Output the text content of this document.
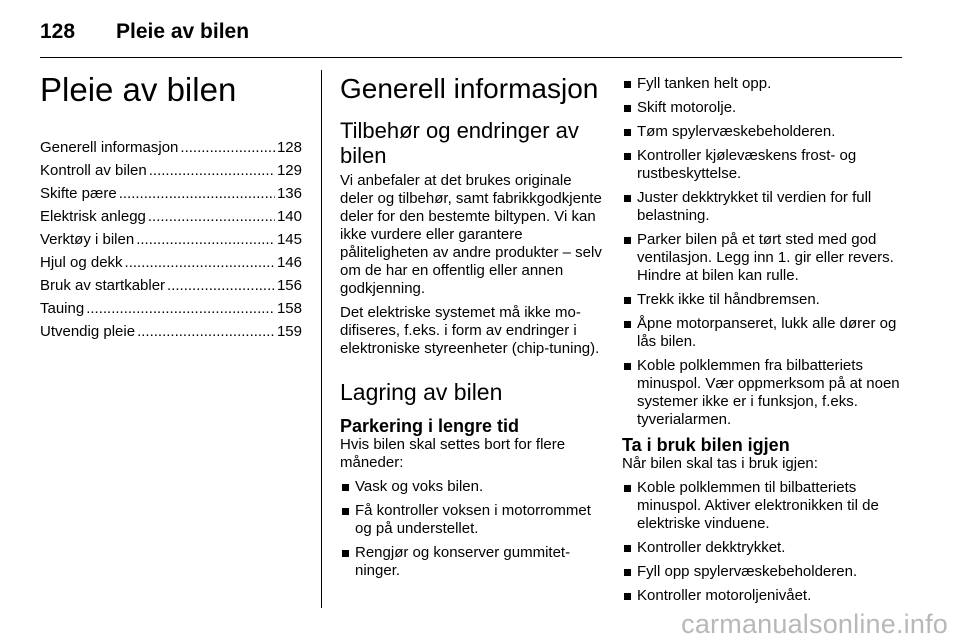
128 Pleie av bilen
Pleie av bilen
Generell informasjon .....	128
Kontroll av bilen .....	129
Skifte pære .....	136
Elektrisk anlegg .....	140
Verktøy i bilen .....	145
Hjul og dekk .....	146
Bruk av startkabler .....	156
Tauing .....	158
Utvendig pleie .....	159
Generell informasjon
Tilbehør og endringer av bilen

Vi anbefaler at det brukes originale deler og tilbehør, samt fabrikkgodkjente deler for den bestemte biltypen. Vi kan ikke vurdere eller garantere påliteligheten av andre produkter – selv om de har en offentlig eller annen godkjenning.

Det elektriske systemet må ikke modifiseres, f.eks. i form av endringer i elektroniske styreenheter (chip-tuning).

Lagring av bilen
Parkering i lengre tid

Hvis bilen skal settes bort for flere måneder:

Vask og voks bilen.
Få kontroller voksen i motorrommet og på understellet.
Rengjør og konserver gummitetninger.
Fyll tanken helt opp.
Skift motorolje.
Tøm spylervæskebeholderen.
Kontroller kjølevæskens frost- og rustbeskyttelse.
Juster dekktrykket til verdien for full belastning.
Parker bilen på et tørt sted med god ventilasjon. Legg inn 1. gir eller revers. Hindre at bilen kan rulle.
Trekk ikke til håndbremsen.
Åpne motorpanseret, lukk alle dører og lås bilen.
Koble polklemmen fra bilbatteriets minuspol. Vær oppmerksom på at noen systemer ikke er i funksjon, f.eks. tyverialarmen.
Ta i bruk bilen igjen

Når bilen skal tas i bruk igjen:

Koble polklemmen til bilbatteriets minuspol. Aktiver elektronikken til de elektriske vinduene.
Kontroller dekktrykket.
Fyll opp spylervæskebeholderen.
Kontroller motoroljenivået.
carmanualsonline.info
